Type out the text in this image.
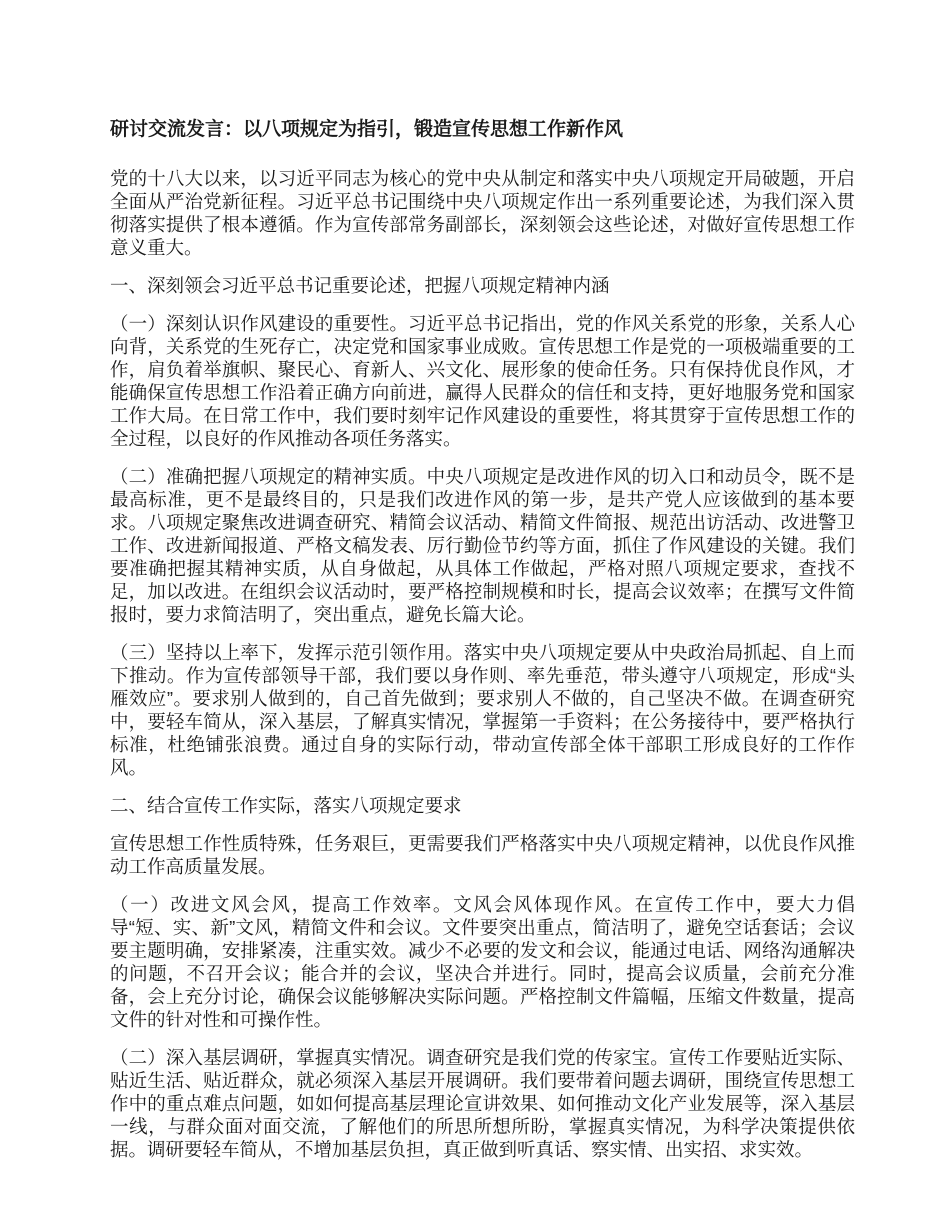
研讨交流发言：以八项规定为指引，锻造宣传思想工作新作风

党的十八大以来，以习近平同志为核心的党中央从制定和落实中央八项规定开局破题，开启全面从严治党新征程。习近平总书记围绕中央八项规定作出一系列重要论述，为我们深入贯彻落实提供了根本遵循。作为宣传部常务副部长，深刻领会这些论述，对做好宣传思想工作意义重大。

一、深刻领会习近平总书记重要论述，把握八项规定精神内涵

（一）深刻认识作风建设的重要性。习近平总书记指出，党的作风关系党的形象，关系人心向背，关系党的生死存亡，决定党和国家事业成败。宣传思想工作是党的一项极端重要的工作，肩负着举旗帜、聚民心、育新人、兴文化、展形象的使命任务。只有保持优良作风，才能确保宣传思想工作沿着正确方向前进，赢得人民群众的信任和支持，更好地服务党和国家工作大局。在日常工作中，我们要时刻牢记作风建设的重要性，将其贯穿于宣传思想工作的全过程，以良好的作风推动各项任务落实。

（二）准确把握八项规定的精神实质。中央八项规定是改进作风的切入口和动员令，既不是最高标准，更不是最终目的，只是我们改进作风的第一步，是共产党人应该做到的基本要求。八项规定聚焦改进调查研究、精简会议活动、精简文件简报、规范出访活动、改进警卫工作、改进新闻报道、严格文稿发表、厉行勤俭节约等方面，抓住了作风建设的关键。我们要准确把握其精神实质，从自身做起，从具体工作做起，严格对照八项规定要求，查找不足，加以改进。在组织会议活动时，要严格控制规模和时长，提高会议效率；在撰写文件简报时，要力求简洁明了，突出重点，避免长篇大论。

（三）坚持以上率下，发挥示范引领作用。落实中央八项规定要从中央政治局抓起、自上而下推动。作为宣传部领导干部，我们要以身作则、率先垂范，带头遵守八项规定，形成“头雁效应”。要求别人做到的，自己首先做到；要求别人不做的，自己坚决不做。在调查研究中，要轻车简从，深入基层，了解真实情况，掌握第一手资料；在公务接待中，要严格执行标准，杜绝铺张浪费。通过自身的实际行动，带动宣传部全体干部职工形成良好的工作作风。

二、结合宣传工作实际，落实八项规定要求

宣传思想工作性质特殊，任务艰巨，更需要我们严格落实中央八项规定精神，以优良作风推动工作高质量发展。

（一）改进文风会风，提高工作效率。文风会风体现作风。在宣传工作中，要大力倡导“短、实、新”文风，精简文件和会议。文件要突出重点，简洁明了，避免空话套话；会议要主题明确，安排紧凑，注重实效。减少不必要的发文和会议，能通过电话、网络沟通解决的问题，不召开会议；能合并的会议，坚决合并进行。同时，提高会议质量，会前充分准备，会上充分讨论，确保会议能够解决实际问题。严格控制文件篇幅，压缩文件数量，提高文件的针对性和可操作性。

（二）深入基层调研，掌握真实情况。调查研究是我们党的传家宝。宣传工作要贴近实际、贴近生活、贴近群众，就必须深入基层开展调研。我们要带着问题去调研，围绕宣传思想工作中的重点难点问题，如如何提高基层理论宣讲效果、如何推动文化产业发展等，深入基层一线，与群众面对面交流，了解他们的所思所想所盼，掌握真实情况，为科学决策提供依据。调研要轻车简从，不增加基层负担，真正做到听真话、察实情、出实招、求实效。
